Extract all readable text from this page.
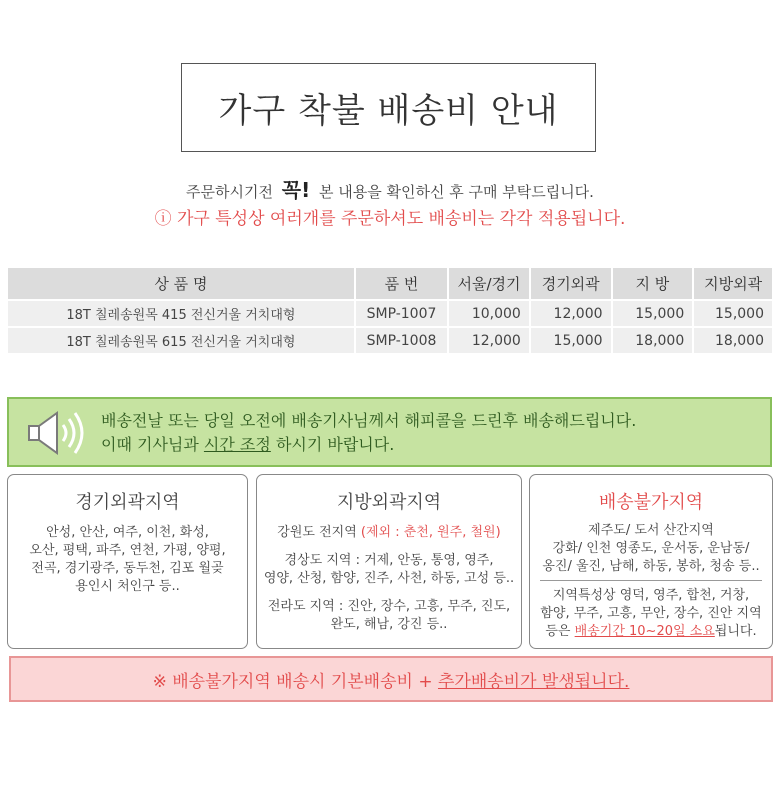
가구 착불 배송비 안내
주문하시기전 꼭! 본 내용을 확인하신 후 구매 부탁드립니다.
ⓘ 가구 특성상 여러개를 주문하셔도 배송비는 각각 적용됩니다.
상 품 명	품 번	서울/경기	경기외곽	지 방	지방외곽
18T 칠레송원목 415 전신거울 거치대형	SMP-1007	10,000	12,000	15,000	15,000
18T 칠레송원목 615 전신거울 거치대형	SMP-1008	12,000	15,000	18,000	18,000
배송전날 또는 당일 오전에 배송기사님께서 해피콜을 드린후 배송해드립니다.
이때 기사님과 시간 조정 하시기 바랍니다.
경기외곽지역

안성, 안산, 여주, 이천, 화성,

오산, 평택, 파주, 연천, 가평, 양평,

전곡, 경기광주, 동두천, 김포 월곶

용인시 처인구 등..

지방외곽지역

강원도 전지역 (제외 : 춘천, 원주, 철원)

경상도 지역 : 거제, 안동, 통영, 영주,

영양, 산청, 함양, 진주, 사천, 하동, 고성 등..

전라도 지역 : 진안, 장수, 고흥, 무주, 진도,

완도, 해남, 강진 등..

배송불가지역

제주도/ 도서 산간지역

강화/ 인천 영종도, 운서동, 운남동/

옹진/ 울진, 남해, 하동, 봉하, 청송 등..

지역특성상 영덕, 영주, 합천, 거창,

함양, 무주, 고흥, 무안, 장수, 진안 지역

등은 배송기간 10~20일 소요됩니다.

※ 배송불가지역 배송시 기본배송비 +
추가배송비가 발생됩니다.
